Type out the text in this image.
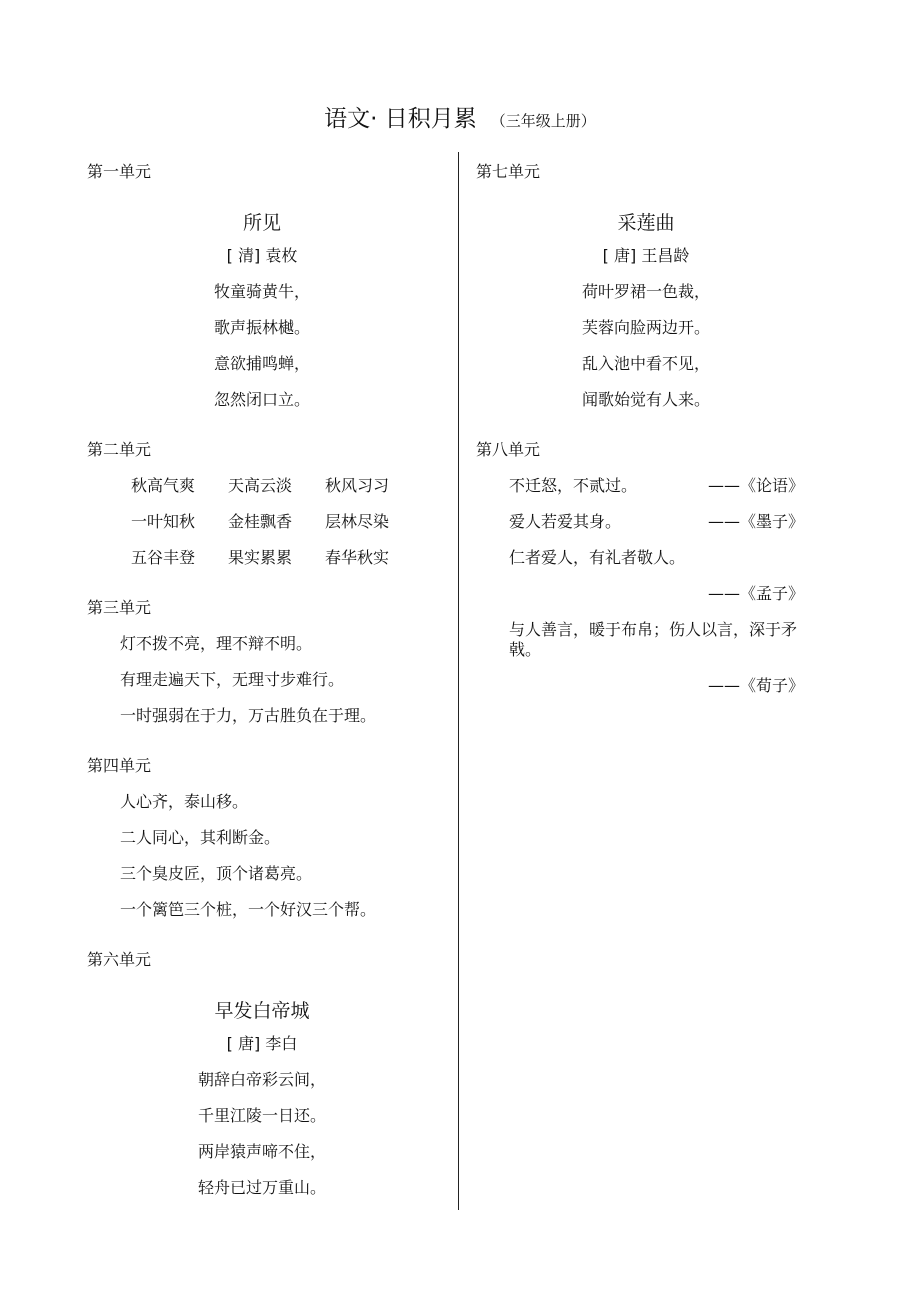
语文· 日积月累 （三年级上册）
第一单元
所见
[ 清] 袁枚
牧童骑黄牛，
歌声振林樾。
意欲捕鸣蝉，
忽然闭口立。
第二单元
秋高气爽	天高云淡	秋风习习
一叶知秋	金桂飘香	层林尽染
五谷丰登	果实累累	春华秋实
第三单元
灯不拨不亮，理不辩不明。
有理走遍天下，无理寸步难行。
一时强弱在于力，万古胜负在于理。
第四单元
人心齐，泰山移。
二人同心，其利断金。
三个臭皮匠，顶个诸葛亮。
一个篱笆三个桩，一个好汉三个帮。
第六单元
早发白帝城
[ 唐] 李白
朝辞白帝彩云间，
千里江陵一日还。
两岸猿声啼不住，
轻舟已过万重山。
第七单元
采莲曲
[ 唐] 王昌龄
荷叶罗裙一色裁，
芙蓉向脸两边开。
乱入池中看不见，
闻歌始觉有人来。
第八单元
不迁怒，不贰过。	——《论语》
爱人若爱其身。	——《墨子》
仁者爱人，有礼者敬人。
——《孟子》
与人善言，暖于布帛；伤人以言，深于矛戟。
——《荀子》
